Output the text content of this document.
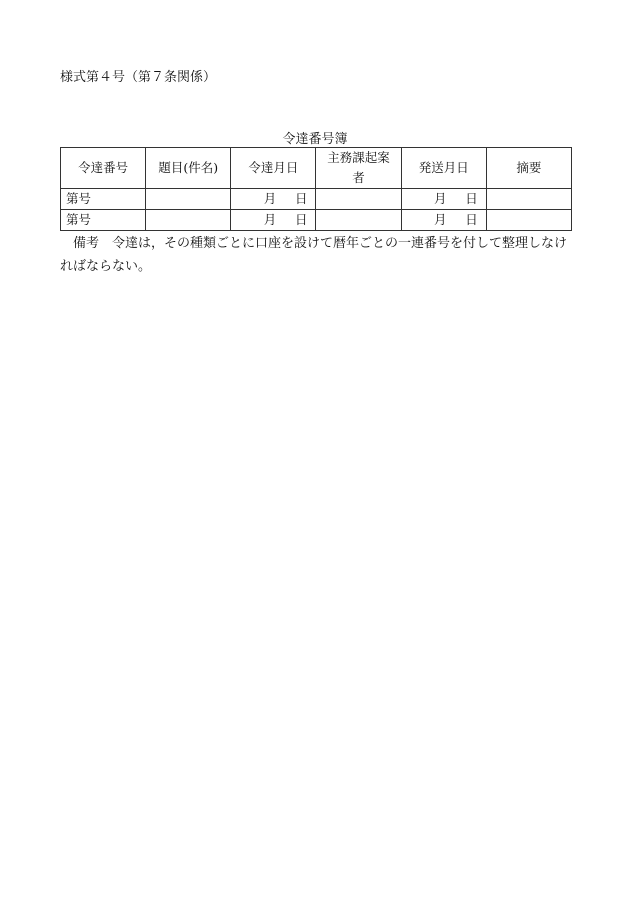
様式第４号（第７条関係）
令達番号簿
令達番号	題目(件名)	令達月日	主務課起案者	発送月日	摘要
第号		月   日		月   日	
第号		月   日		月   日	
備考　令達は，その種類ごとに口座を設けて暦年ごとの一連番号を付して整理しなければならない。
